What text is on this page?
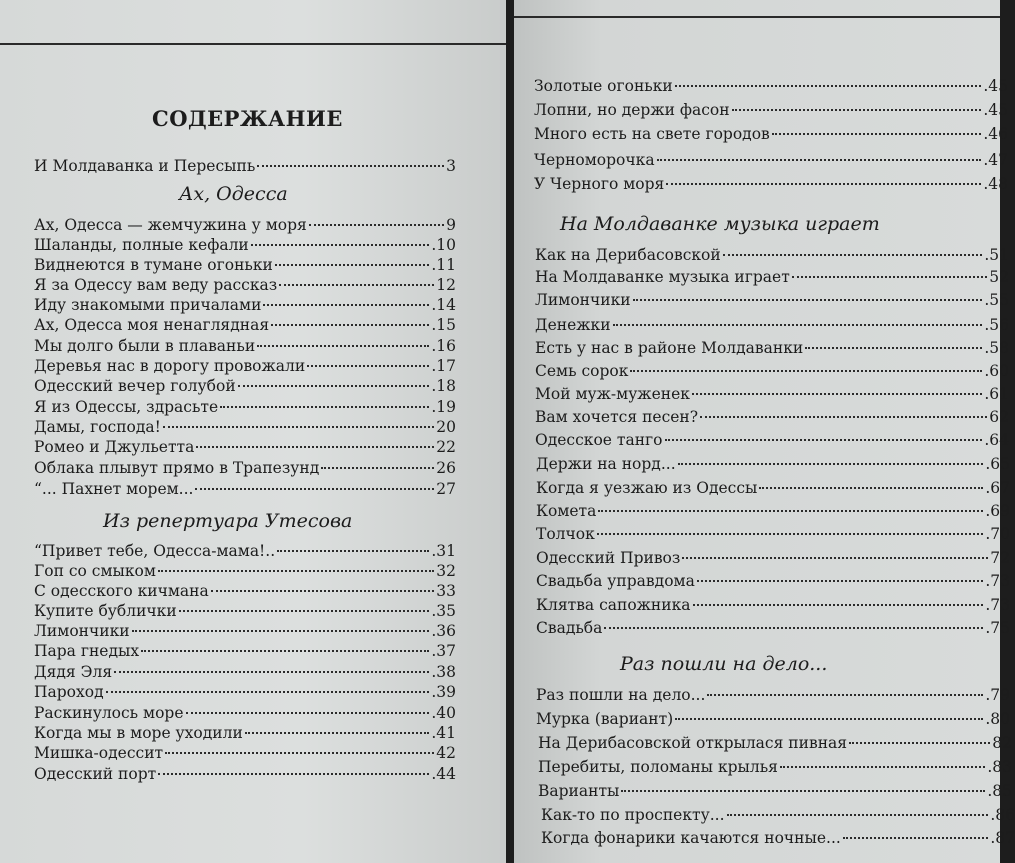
СОДЕРЖАНИЕ
И Молдаванка и Пересыпь	3
Ах, Одесса
Ах, Одесса — жемчужина у моря	9
Шаланды, полные кефали	.10
Виднеются в тумане огоньки	.11
Я за Одессу вам веду рассказ	12
Иду знакомыми причалами	.14
Ах, Одесса моя ненаглядная	.15
Мы долго были в плаваньи	.16
Деревья нас в дорогу провожали	.17
Одесский вечер голубой	.18
Я из Одессы, здрасьте	.19
Дамы, господа!	20
Ромео и Джульетта	22
Облака плывут прямо в Трапезунд	26
“... Пахнет морем...	27
Из репертуара Утесова
“Привет тебе, Одесса-мама!..	.31
Гоп со смыком	32
С одесского кичмана	33
Купите бублички	.35
Лимончики	.36
Пара гнедых	.37
Дядя Эля	.38
Пароход	.39
Раскинулось море	.40
Когда мы в море уходили	.41
Мишка-одессит	42
Одесский порт	.44
Золотые огоньки	.45
Лопни, но держи фасон	.45
Много есть на свете городов	.46
Черноморочка	.47
У Черного моря	.48
На Молдаванке музыка играет
Как на Дерибасовской	.51
На Молдаванке музыка играет	52
Лимончики	.55
Денежки	.56
Есть у нас в районе Молдаванки	.58
Семь сорок	.60
Мой муж-муженек	.61
Вам хочется песен?	62
Одесское танго	.64
Держи на норд...	.65
Когда я уезжаю из Одессы	.67
Комета	.69
Толчок	.70
Одесский Привоз	72
Свадьба управдома	.73
Клятва сапожника	.73
Свадьба	.75
Раз пошли на дело...
Раз пошли на дело...	.79
Мурка (вариант)	.80
На Дерибасовской открылася пивная	82
Перебиты, поломаны крылья	.83
Варианты	.85
Как-то по проспекту...	.86
Когда фонарики качаются ночные...	.87
